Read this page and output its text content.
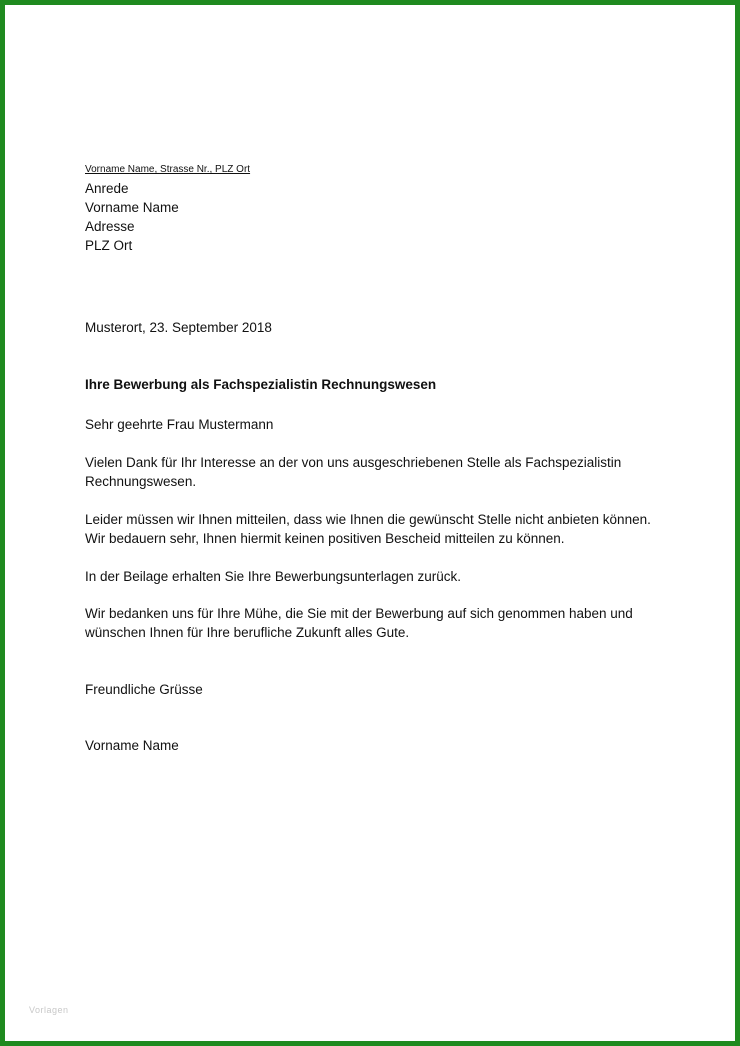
Vorname Name, Strasse Nr., PLZ Ort
Anrede
Vorname Name
Adresse
PLZ Ort
Musterort, 23. September 2018
Ihre Bewerbung als Fachspezialistin Rechnungswesen
Sehr geehrte Frau Mustermann
Vielen Dank für Ihr Interesse an der von uns ausgeschriebenen Stelle als Fachspezialistin
Rechnungswesen.
Leider müssen wir Ihnen mitteilen, dass wie Ihnen die gewünscht Stelle nicht anbieten können.
Wir bedauern sehr, Ihnen hiermit keinen positiven Bescheid mitteilen zu können.
In der Beilage erhalten Sie Ihre Bewerbungsunterlagen zurück.
Wir bedanken uns für Ihre Mühe, die Sie mit der Bewerbung auf sich genommen haben und
wünschen Ihnen für Ihre berufliche Zukunft alles Gute.
Freundliche Grüsse
Vorname Name
Vorlagen
